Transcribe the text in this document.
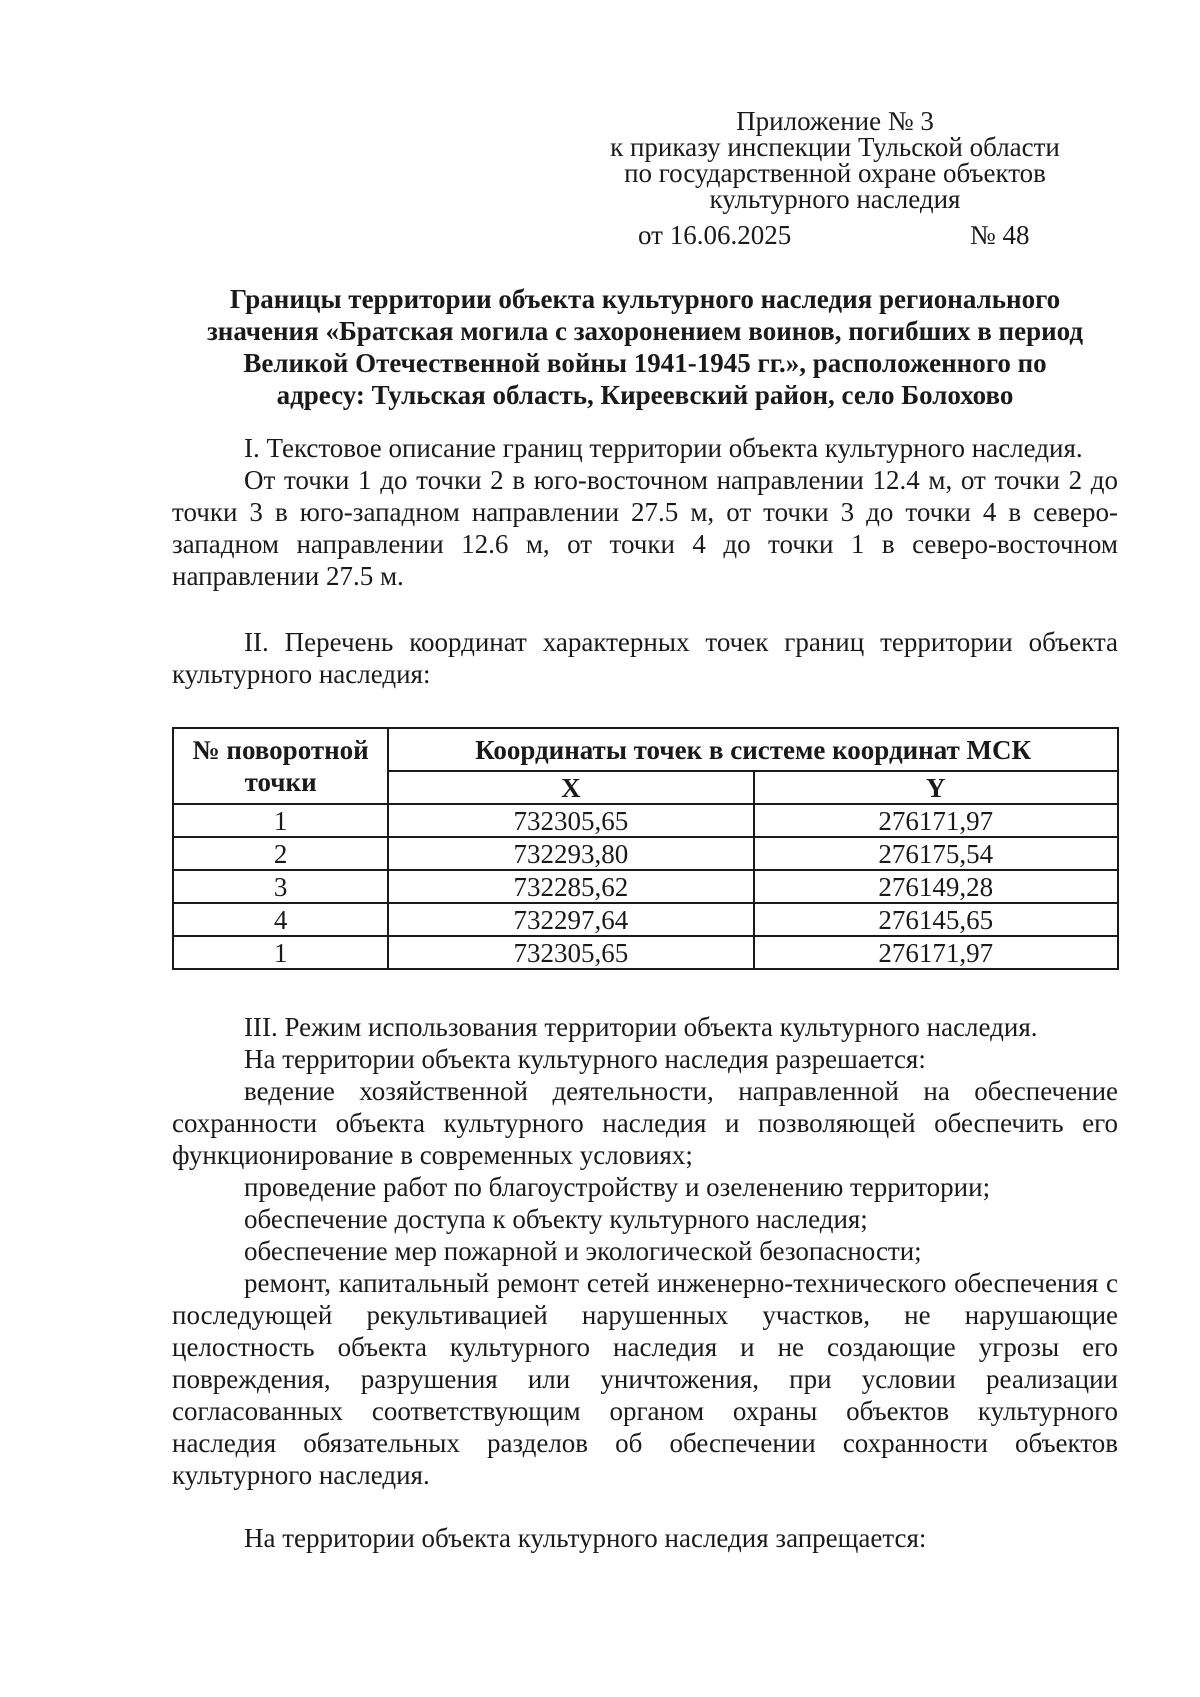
Приложение № 3
к приказу инспекции Тульской области
по государственной охране объектов
культурного наследия
от 16.06.2025	№ 48
Границы территории объекта культурного наследия регионального
значения «Братская могила с захоронением воинов, погибших в период
Великой Отечественной войны 1941-1945 гг.», расположенного по
адресу: Тульская область, Киреевский район, село Болохово
I. Текстовое описание границ территории объекта культурного наследия.
От точки 1 до точки 2 в юго-восточном направлении 12.4 м, от точки 2 до точки 3 в юго-западном направлении 27.5 м, от точки 3 до точки 4 в северо-западном направлении 12.6 м, от точки 4 до точки 1 в северо-восточном направлении 27.5 м.
II. Перечень координат характерных точек границ территории объекта культурного наследия:
№ поворотной точки	Координаты точек в системе координат МСК	
	X	Y
1	732305,65	276171,97
2	732293,80	276175,54
3	732285,62	276149,28
4	732297,64	276145,65
1	732305,65	276171,97
III. Режим использования территории объекта культурного наследия.
На территории объекта культурного наследия разрешается:
ведение хозяйственной деятельности, направленной на обеспечение сохранности объекта культурного наследия и позволяющей обеспечить его функционирование в современных условиях;
проведение работ по благоустройству и озеленению территории;
обеспечение доступа к объекту культурного наследия;
обеспечение мер пожарной и экологической безопасности;
ремонт, капитальный ремонт сетей инженерно-технического обеспечения с последующей рекультивацией нарушенных участков, не нарушающие целостность объекта культурного наследия и не создающие угрозы его повреждения, разрушения или уничтожения, при условии реализации согласованных соответствующим органом охраны объектов культурного наследия обязательных разделов об обеспечении сохранности объектов культурного наследия.
На территории объекта культурного наследия запрещается:
